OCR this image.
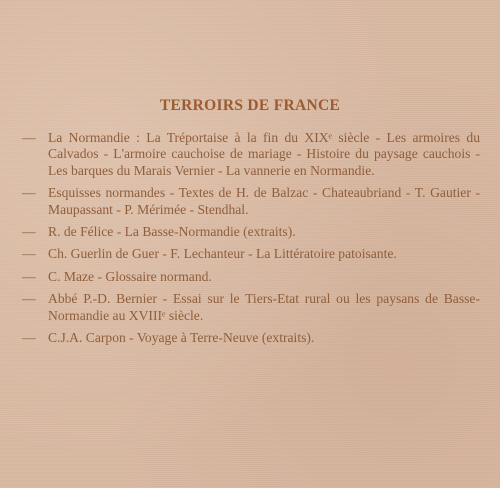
TERROIRS DE FRANCE
— La Normandie : La Tréportaise à la fin du XIXᵉ siècle - Les armoires du Calvados - L'armoire cauchoise de mariage - Histoire du paysage cauchois - Les barques du Marais Vernier - La vannerie en Normandie.
— Esquisses normandes - Textes de H. de Balzac - Chateaubriand - T. Gautier - Maupassant - P. Mérimée - Stendhal.
— R. de Félice - La Basse-Normandie (extraits).
— Ch. Guerlin de Guer - F. Lechanteur - La Littératoire patoisante.
— C. Maze - Glossaire normand.
— Abbé P.-D. Bernier - Essai sur le Tiers-Etat rural ou les paysans de Basse-Normandie au XVIIIᵉ siècle.
— C.J.A. Carpon - Voyage à Terre-Neuve (extraits).
